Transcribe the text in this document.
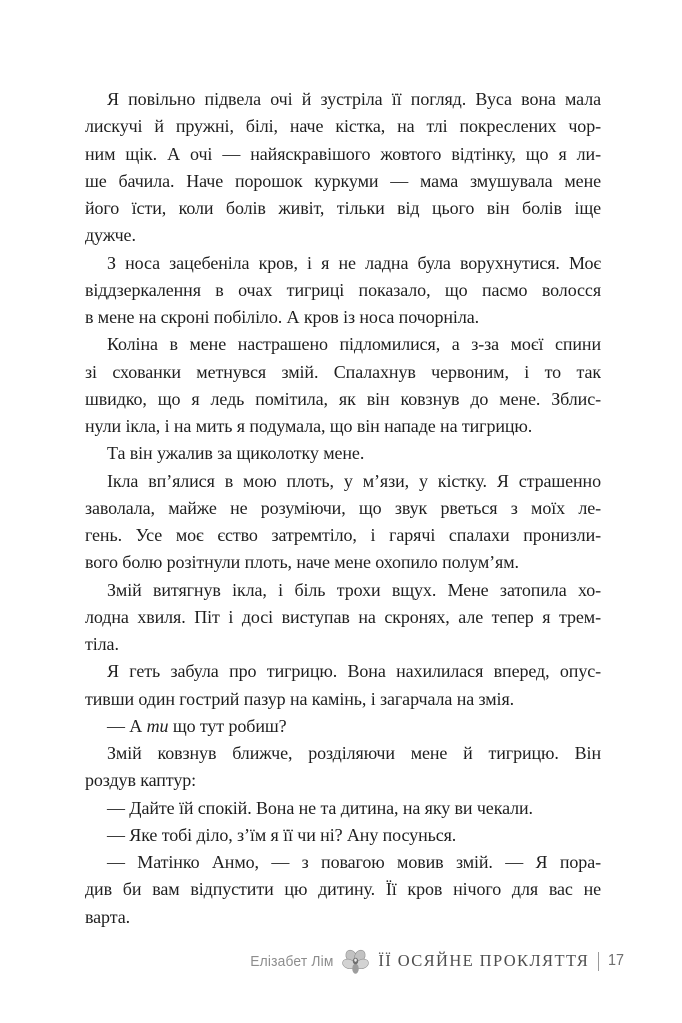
Я повільно підвела очі й зустріла її погляд. Вуса вона мала
лискучі й пружні, білі, наче кістка, на тлі покреслених чор-
ним щік. А очі — найяскравішого жовтого відтінку, що я ли-
ше бачила. Наче порошок куркуми — мама змушувала мене
його їсти, коли болів живіт, тільки від цього він болів іще
дужче.
З носа зацебеніла кров, і я не ладна була ворухнутися. Моє
віддзеркалення в очах тигриці показало, що пасмо волосся
в мене на скроні побіліло. А кров із носа почорніла.
Коліна в мене настрашено підломилися, а з-за моєї спини
зі схованки метнувся змій. Спалахнув червоним, і то так
швидко, що я ледь помітила, як він ковзнув до мене. Зблис-
нули ікла, і на мить я подумала, що він нападе на тигрицю.
Та він ужалив за щиколотку мене.
Ікла вп’ялися в мою плоть, у м’язи, у кістку. Я страшенно
заволала, майже не розуміючи, що звук рветься з моїх ле-
гень. Усе моє єство затремтіло, і гарячі спалахи пронизли-
вого болю розітнули плоть, наче мене охопило полум’ям.
Змій витягнув ікла, і біль трохи вщух. Мене затопила хо-
лодна хвиля. Піт і досі виступав на скронях, але тепер я трем-
тіла.
Я геть забула про тигрицю. Вона нахилилася вперед, опус-
тивши один гострий пазур на камінь, і загарчала на змія.
— А ти що тут робиш?
Змій ковзнув ближче, розділяючи мене й тигрицю. Він
роздув каптур:
— Дайте їй спокій. Вона не та дитина, на яку ви чекали.
— Яке тобі діло, з’їм я її чи ні? Ану посунься.
— Матінко Анмо, — з повагою мовив змій. — Я пора-
див би вам відпустити цю дитину. Її кров нічого для вас не
варта.
Елізабет Лім	ЇЇ ОСЯЙНЕ ПРОКЛЯТТЯ 17
